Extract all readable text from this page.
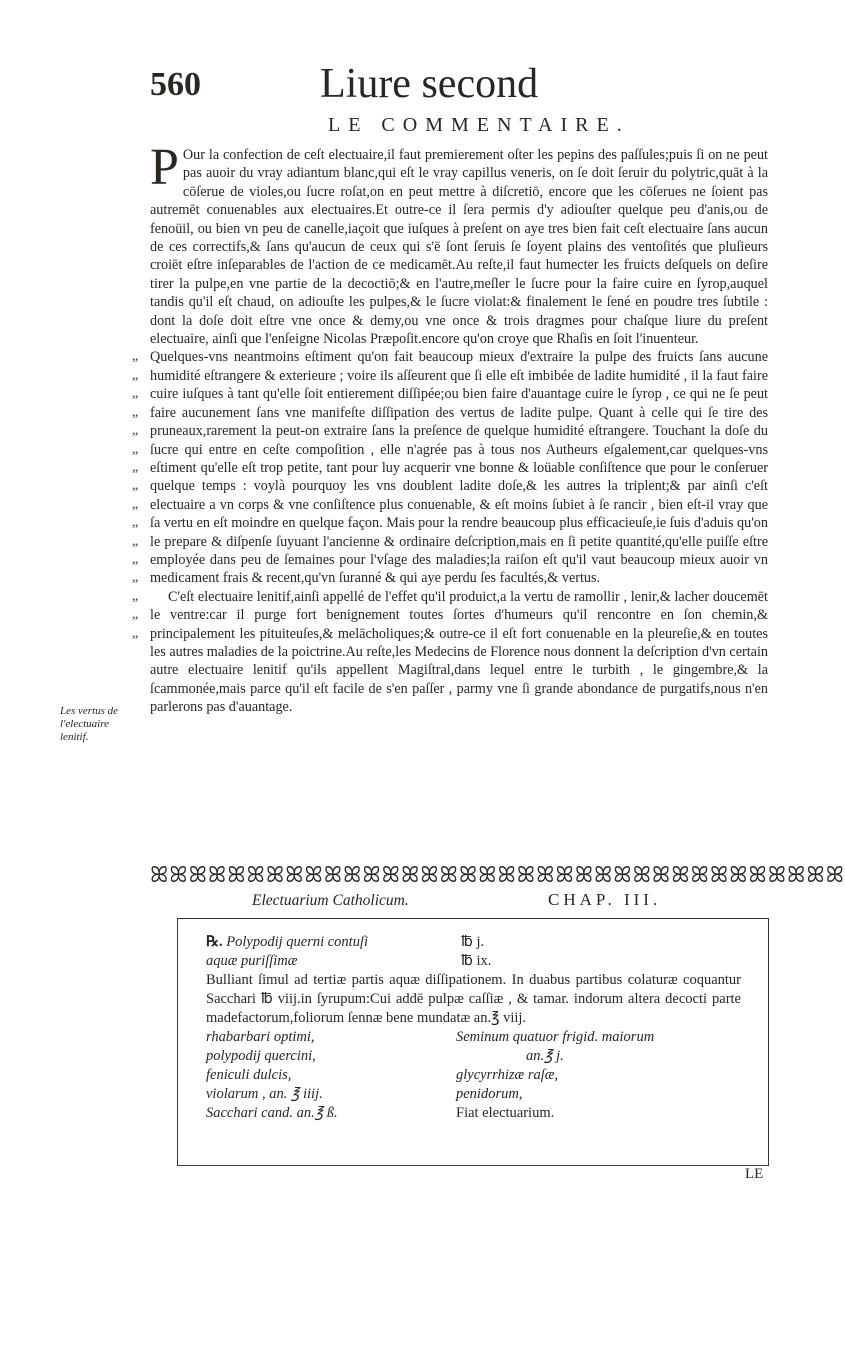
560	Liure second
LE COMMENTAIRE.

P Our la confection de ceſt electuaire,il faut premierement oſter les pepins des paſſules;puis ſi on ne peut pas auoir du vray adiantum blanc,qui eſt le vray capillus veneris, on ſe doit ſeruir du polytric,quāt à la cōſerue de violes,ou ſucre roſat,on en peut mettre à diſcretiō, encore que les cōſerues ne ſoient pas autremēt conuenables aux electuaires.Et outre-ce il ſera permis d'y adiouſter quelque peu d'anis,ou de fenoüil, ou bien vn peu de canelle,iaçoit que iuſques à preſent on aye tres bien fait ceſt electuaire ſans aucun de ces correctifs,& ſans qu'aucun de ceux qui s'ē ſont ſeruis ſe ſoyent plains des ventoſités que pluſieurs croiēt eſtre inſeparables de l'action de ce medicamēt.Au reſte,il faut humecter les fruicts deſquels on deſire tirer la pulpe,en vne partie de la decoctiō;& en l'autre,meſler le ſucre pour la faire cuire en ſyrop,auquel tandis qu'il eſt chaud, on adiouſte les pulpes,& le ſucre violat:& finalement le ſené en poudre tres ſubtile : dont la doſe doit eſtre vne once & demy,ou vne once & trois dragmes pour chaſque liure du preſent electuaire, ainſi que l'enſeigne Nicolas Præpoſit.encore qu'on croye que Rhaſis en ſoit l'inuenteur.

„
„
„
„
„
„
„
„
„
„
„
„
„
„
„
„

Quelques-vns neantmoins eſtiment qu'on fait beaucoup mieux d'extraire la pulpe des fruicts ſans aucune humidité eſtrangere & exterieure ; voire ils aſſeurent que ſi elle eſt imbibée de ladite humidité , il la faut faire cuire iuſques à tant qu'elle ſoit entierement diſſipée;ou bien faire d'auantage cuire le ſyrop , ce qui ne ſe peut faire aucunement ſans vne manifeſte diſſipation des vertus de ladite pulpe. Quant à celle qui ſe tire des pruneaux,rarement la peut-on extraire ſans la preſence de quelque humidité eſtrangere. Touchant la doſe du ſucre qui entre en ceſte compoſition , elle n'agrée pas à tous nos Autheurs eſgalement,car quelques-vns eſtiment qu'elle eſt trop petite, tant pour luy acquerir vne bonne & loüable conſiſtence que pour le conſeruer quelque temps : voylà pourquoy les vns doublent ladite doſe,& les autres la triplent;& par ainſi c'eſt electuaire a vn corps & vne conſiſtence plus conuenable, & eſt moins ſubiet à ſe rancir , bien eſt-il vray que ſa vertu en eſt moindre en quelque façon. Mais pour la rendre beaucoup plus efficacieuſe,ie ſuis d'aduis qu'on le prepare & diſpenſe ſuyuant l'ancienne & ordinaire deſcription,mais en ſi petite quantité,qu'elle puiſſe eſtre employée dans peu de ſemaines pour l'vſage des maladies;la raiſon eſt qu'il vaut beaucoup mieux auoir vn medicament frais & recent,qu'vn ſuranné & qui aye perdu ſes facultés,& vertus.

C'eſt electuaire lenitif,ainſi appellé de l'effet qu'il produict,a la vertu de ramollir , lenir,& lacher doucemēt le ventre:car il purge fort benignement toutes ſortes d'humeurs qu'il rencontre en ſon chemin,& principalement les pituiteuſes,& melācholiques;& outre-ce il eſt fort conuenable en la pleureſie,& en toutes les autres maladies de la poictrine.Au reſte,les Medecins de Florence nous donnent la deſcription d'vn certain autre electuaire lenitif qu'ils appellent Magiſtral,dans lequel entre le turbith , le gingembre,& la ſcammonée,mais parce qu'il eſt facile de s'en paſſer , parmy vne ſi grande abondance de purgatifs,nous n'en parlerons pas d'auantage.

Les vertus de l'electuaire lenitif.
ꕤꕤꕤꕤꕤꕤꕤꕤꕤꕤꕤꕤꕤꕤꕤꕤꕤꕤꕤꕤꕤꕤꕤꕤꕤꕤꕤꕤꕤꕤꕤꕤꕤꕤꕤꕤ
Electuarium Catholicum.	CHAP. III.
℞. Polypodij querni contuſi	℔ j.
aquæ puriſſimæ	℔ ix.
Bulliant ſimul ad tertiæ partis aquæ diſſipationem. In duabus partibus colaturæ coquantur Sacchari ℔ viij.in ſyrupum:Cui addē pulpæ caſſiæ , & tamar. indorum altera decocti parte madefactorum,foliorum ſennæ bene mundatæ an.℥ viij.
rhabarbari optimi,	Seminum quatuor frigid. maiorum
polypodij quercini,	an.℥ j.
feniculi dulcis,	glycyrrhizæ raſæ,
violarum , an. ℥ iiij.	penidorum,
Sacchari cand. an.℥ ß.	Fiat electuarium.
LE
